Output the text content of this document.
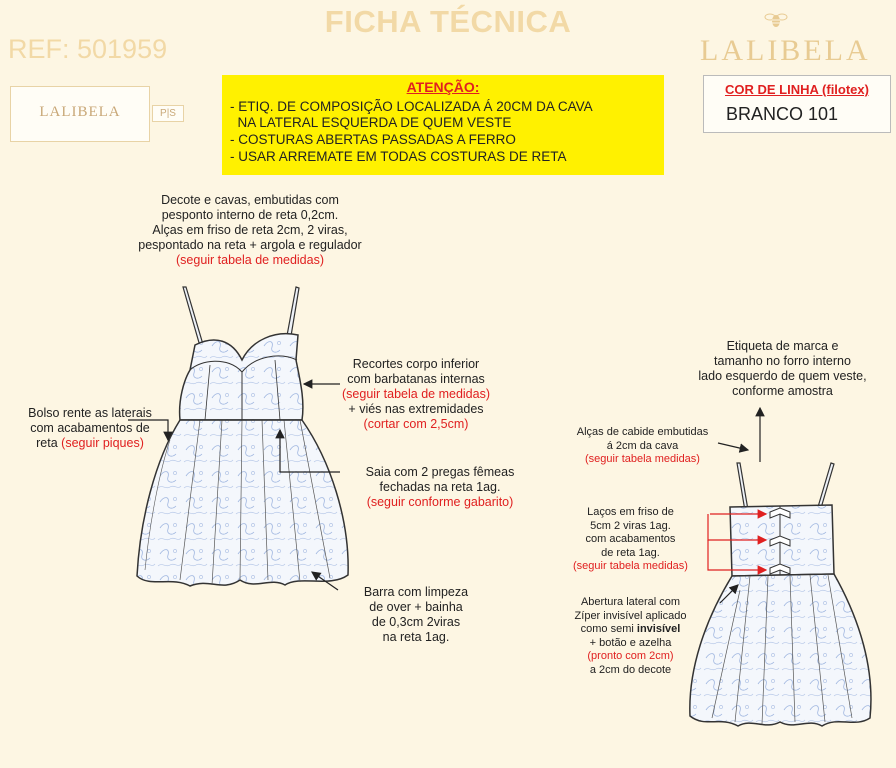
FICHA TÉCNICA
REF: 501959	LALIBELA
LALIBELA	P|S
ATENÇÃO:
- ETIQ. DE COMPOSIÇÃO LOCALIZADA Á 20CM DA CAVA
NA LATERAL ESQUERDA DE QUEM VESTE
- COSTURAS ABERTAS PASSADAS A FERRO
- USAR ARREMATE EM TODAS COSTURAS DE RETA
COR DE LINHA (filotex)
BRANCO 101
Decote e cavas, embutidas com
pesponto interno de reta 0,2cm.
Alças em friso de reta 2cm, 2 viras,
pespontado na reta + argola e regulador
(seguir tabela de medidas)
Recortes corpo inferior
com barbatanas internas
(seguir tabela de medidas)
+ viés nas extremidades
(cortar com 2,5cm)
Bolso rente as laterais
com acabamentos de
reta (seguir piques)
Saia com 2 pregas fêmeas
fechadas na reta 1ag.
(seguir conforme gabarito)
Barra com limpeza
de over + bainha
de 0,3cm 2viras
na reta 1ag.
Etiqueta de marca e
tamanho no forro interno
lado esquerdo de quem veste,
conforme amostra
Alças de cabide embutidas
á 2cm da cava
(seguir tabela medidas)
Laços em friso de
5cm 2 viras 1ag.
com acabamentos
de reta 1ag.
(seguir tabela medidas)
Abertura lateral com
Zíper invisível aplicado
como semi invisível
+ botão e azelha
(pronto com 2cm)
a 2cm do decote
